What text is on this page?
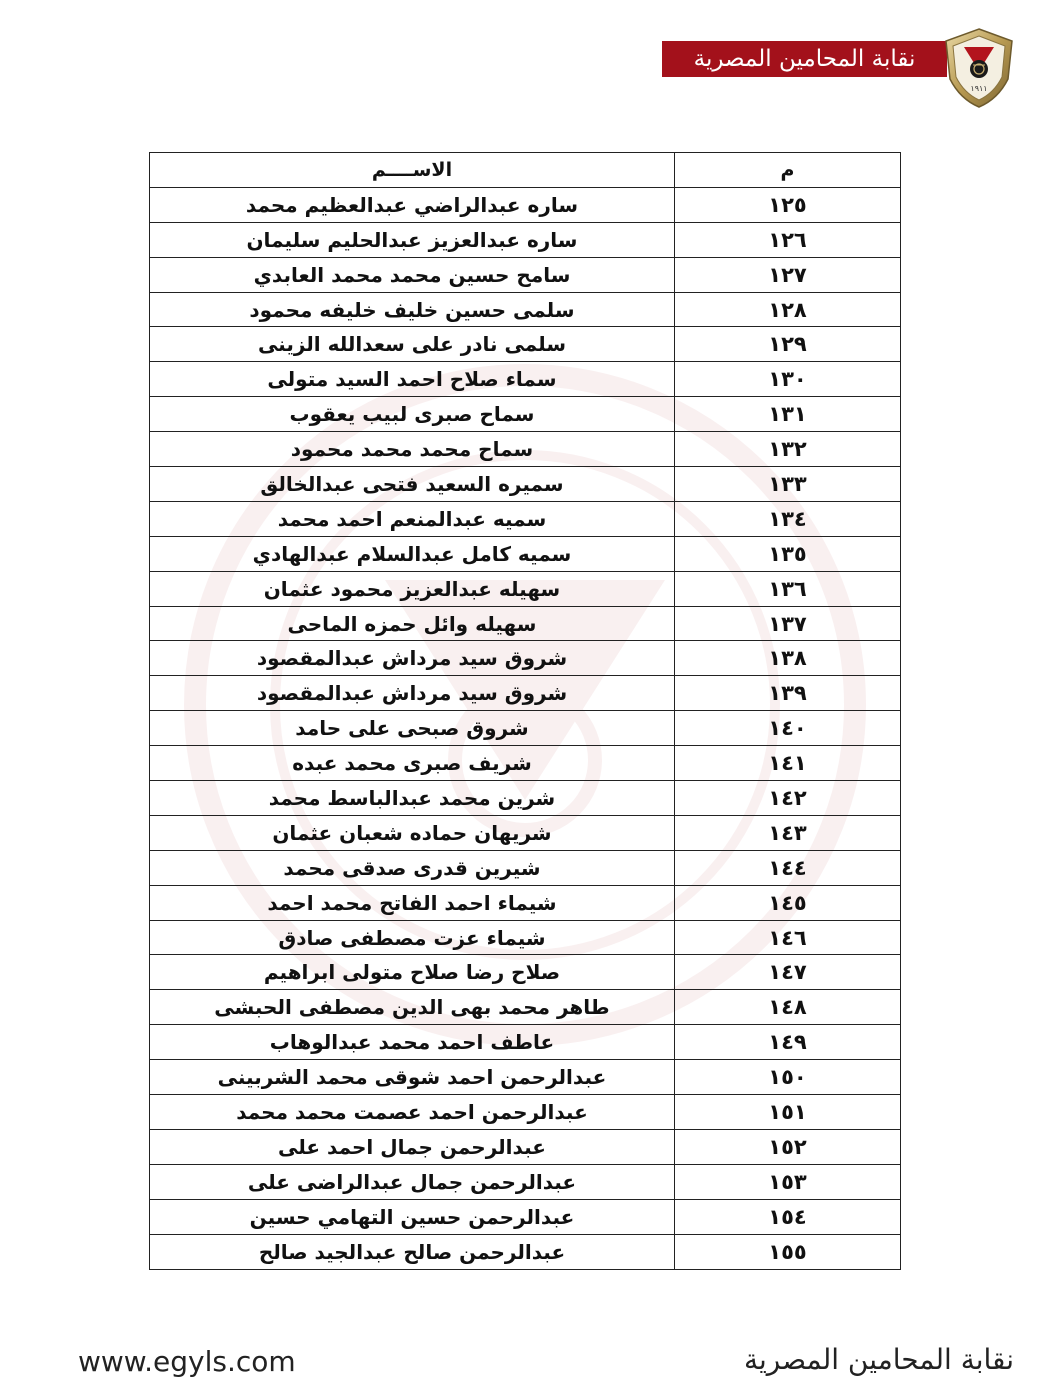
نقابة المحامين المصرية
١٩١١
م	الاســــم
١٢٥	ساره عبدالراضي عبدالعظيم محمد
١٢٦	ساره عبدالعزيز عبدالحليم سليمان
١٢٧	سامح حسين محمد محمد العابدي
١٢٨	سلمى حسين خليف خليفه محمود
١٢٩	سلمى نادر على سعدالله الزينى
١٣٠	سماء صلاح احمد السيد متولى
١٣١	سماح صبرى لبيب يعقوب
١٣٢	سماح محمد محمد محمود
١٣٣	سميره السعيد فتحى عبدالخالق
١٣٤	سميه عبدالمنعم احمد محمد
١٣٥	سميه كامل عبدالسلام عبدالهادي
١٣٦	سهيله عبدالعزيز محمود عثمان
١٣٧	سهيله وائل حمزه الماحى
١٣٨	شروق سيد مرداش عبدالمقصود
١٣٩	شروق سيد مرداش عبدالمقصود
١٤٠	شروق صبحى على حامد
١٤١	شريف صبرى محمد عبده
١٤٢	شرين محمد عبدالباسط محمد
١٤٣	شريهان حماده شعبان عثمان
١٤٤	شيرين قدرى صدقى محمد
١٤٥	شيماء احمد الفاتح محمد احمد
١٤٦	شيماء عزت مصطفى صادق
١٤٧	صلاح رضا صلاح متولى ابراهيم
١٤٨	طاهر محمد بهى الدين مصطفى الحبشى
١٤٩	عاطف احمد محمد عبدالوهاب
١٥٠	عبدالرحمن احمد شوقى محمد الشربينى
١٥١	عبدالرحمن احمد عصمت محمد محمد
١٥٢	عبدالرحمن جمال احمد على
١٥٣	عبدالرحمن جمال عبدالراضى على
١٥٤	عبدالرحمن حسين التهامي حسين
١٥٥	عبدالرحمن صالح عبدالجيد صالح
www.egyls.com	نقابة المحامين المصرية
